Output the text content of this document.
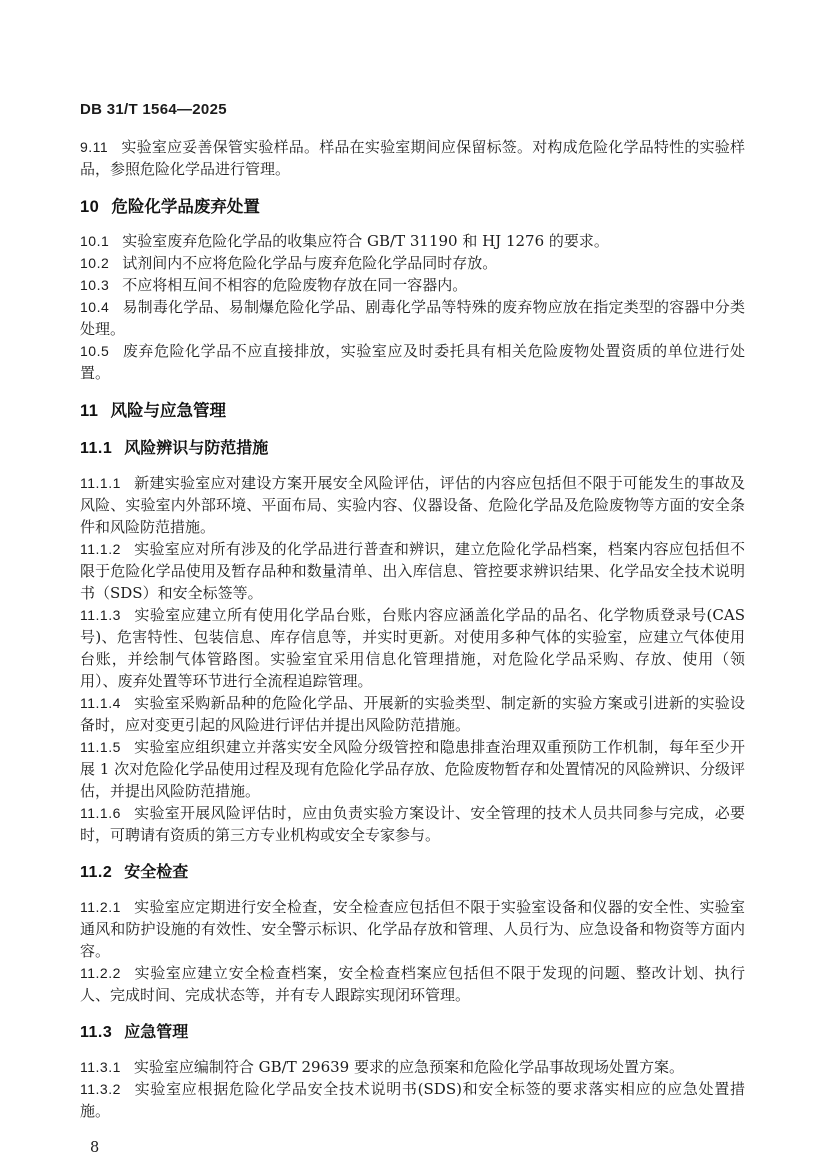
DB 31/T 1564—2025

9.11 实验室应妥善保管实验样品。样品在实验室期间应保留标签。对构成危险化学品特性的实验样品，参照危险化学品进行管理。

10 危险化学品废弃处置

10.1 实验室废弃危险化学品的收集应符合 GB/T 31190 和 HJ 1276 的要求。

10.2 试剂间内不应将危险化学品与废弃危险化学品同时存放。

10.3 不应将相互间不相容的危险废物存放在同一容器内。

10.4 易制毒化学品、易制爆危险化学品、剧毒化学品等特殊的废弃物应放在指定类型的容器中分类处理。

10.5 废弃危险化学品不应直接排放，实验室应及时委托具有相关危险废物处置资质的单位进行处置。

11 风险与应急管理

11.1 风险辨识与防范措施

11.1.1 新建实验室应对建设方案开展安全风险评估，评估的内容应包括但不限于可能发生的事故及风险、实验室内外部环境、平面布局、实验内容、仪器设备、危险化学品及危险废物等方面的安全条件和风险防范措施。

11.1.2 实验室应对所有涉及的化学品进行普查和辨识，建立危险化学品档案，档案内容应包括但不限于危险化学品使用及暂存品种和数量清单、出入库信息、管控要求辨识结果、化学品安全技术说明书（SDS）和安全标签等。

11.1.3 实验室应建立所有使用化学品台账，台账内容应涵盖化学品的品名、化学物质登录号(CAS 号)、危害特性、包装信息、库存信息等，并实时更新。对使用多种气体的实验室，应建立气体使用台账，并绘制气体管路图。实验室宜采用信息化管理措施，对危险化学品采购、存放、使用（领用）、废弃处置等环节进行全流程追踪管理。

11.1.4 实验室采购新品种的危险化学品、开展新的实验类型、制定新的实验方案或引进新的实验设备时，应对变更引起的风险进行评估并提出风险防范措施。

11.1.5 实验室应组织建立并落实安全风险分级管控和隐患排查治理双重预防工作机制，每年至少开展 1 次对危险化学品使用过程及现有危险化学品存放、危险废物暂存和处置情况的风险辨识、分级评估，并提出风险防范措施。

11.1.6 实验室开展风险评估时，应由负责实验方案设计、安全管理的技术人员共同参与完成，必要时，可聘请有资质的第三方专业机构或安全专家参与。

11.2 安全检查

11.2.1 实验室应定期进行安全检查，安全检查应包括但不限于实验室设备和仪器的安全性、实验室通风和防护设施的有效性、安全警示标识、化学品存放和管理、人员行为、应急设备和物资等方面内容。

11.2.2 实验室应建立安全检查档案，安全检查档案应包括但不限于发现的问题、整改计划、执行人、完成时间、完成状态等，并有专人跟踪实现闭环管理。

11.3 应急管理

11.3.1 实验室应编制符合 GB/T 29639 要求的应急预案和危险化学品事故现场处置方案。

11.3.2 实验室应根据危险化学品安全技术说明书(SDS)和安全标签的要求落实相应的应急处置措施。

8
